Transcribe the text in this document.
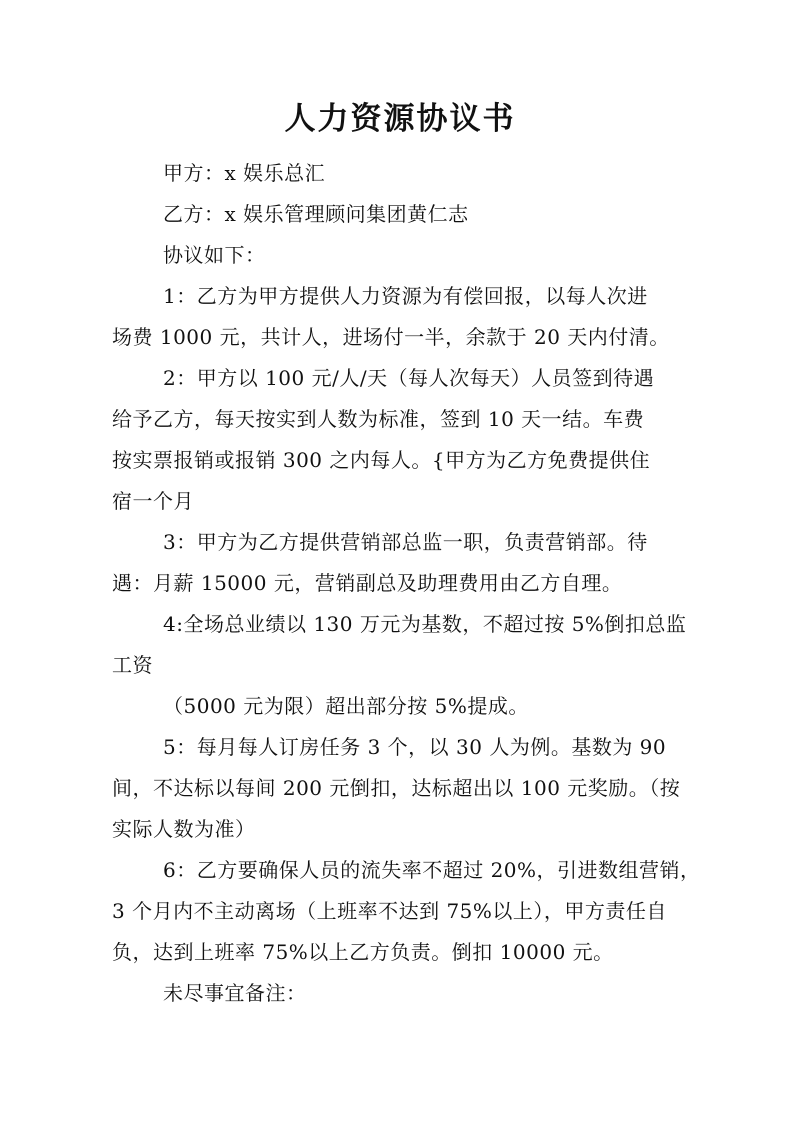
人力资源协议书
甲方：x 娱乐总汇
乙方：x 娱乐管理顾问集团黄仁志
协议如下：
1：乙方为甲方提供人力资源为有偿回报，以每人次进
场费 1000 元，共计人，进场付一半，余款于 20 天内付清。
2：甲方以 100 元/人/天（每人次每天）人员签到待遇
给予乙方，每天按实到人数为标准，签到 10 天一结。车费
按实票报销或报销 300 之内每人。{甲方为乙方免费提供住
宿一个月
3：甲方为乙方提供营销部总监一职，负责营销部。待
遇：月薪 15000 元，营销副总及助理费用由乙方自理。
4:全场总业绩以 130 万元为基数，不超过按 5%倒扣总监
工资
（5000 元为限）超出部分按 5%提成。
5：每月每人订房任务 3 个，以 30 人为例。基数为 90
间，不达标以每间 200 元倒扣，达标超出以 100 元奖励。（按
实际人数为准）
6：乙方要确保人员的流失率不超过 20%，引进数组营销，
3 个月内不主动离场（上班率不达到 75%以上），甲方责任自
负，达到上班率 75%以上乙方负责。倒扣 10000 元。
未尽事宜备注：
